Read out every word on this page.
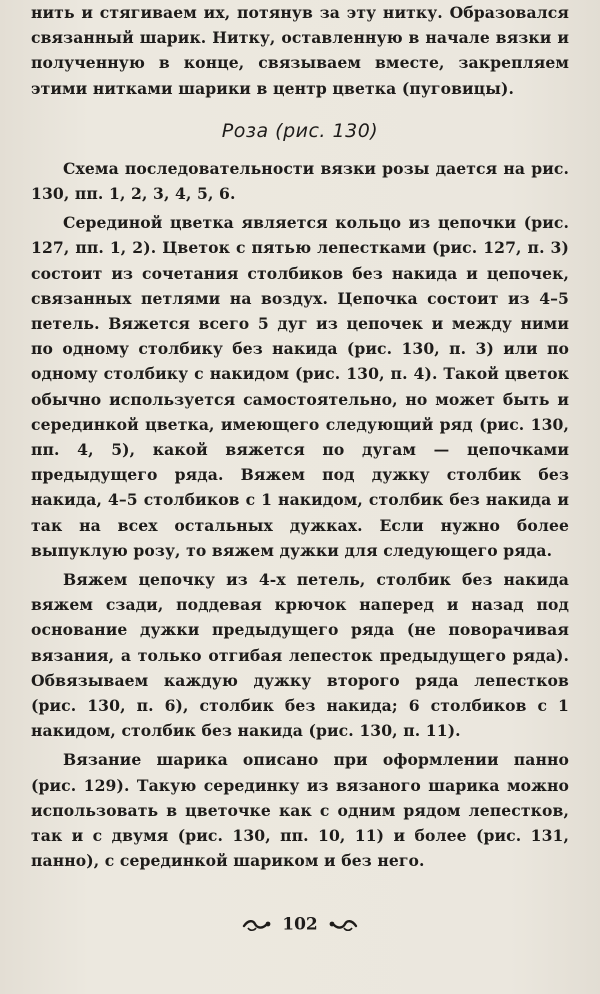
нить и стягиваем их, потянув за эту нитку. Образовался связанный шарик. Нитку, оставленную в начале вязки и полученную в конце, связываем вместе, закрепляем этими нитками шарики в центр цветка (пуговицы).

Роза (рис. 130)

Схема последовательности вязки розы дается на рис. 130, пп. 1, 2, 3, 4, 5, 6.

Серединой цветка является кольцо из цепочки (рис. 127, пп. 1, 2). Цветок с пятью лепестками (рис. 127, п. 3) состоит из сочетания столбиков без накида и цепочек, связанных петлями на воздух. Цепочка состоит из 4–5 петель. Вяжется всего 5 дуг из цепочек и между ними по одному столбику без накида (рис. 130, п. 3) или по одному столбику с накидом (рис. 130, п. 4). Такой цветок обычно используется самостоятельно, но может быть и серединкой цветка, имеющего следующий ряд (рис. 130, пп. 4, 5), какой вяжется по дугам — цепочками предыдущего ряда. Вяжем под дужку столбик без накида, 4–5 столбиков с 1 накидом, столбик без накида и так на всех остальных дужках. Если нужно более выпуклую розу, то вяжем дужки для следующего ряда.

Вяжем цепочку из 4-х петель, столбик без накида вяжем сзади, поддевая крючок наперед и назад под основание дужки предыдущего ряда (не поворачивая вязания, а только отгибая лепесток предыдущего ряда). Обвязываем каждую дужку второго ряда лепестков (рис. 130, п. 6), столбик без накида; 6 столбиков с 1 накидом, столбик без накида (рис. 130, п. 11).

Вязание шарика описано при оформлении панно (рис. 129). Такую серединку из вязаного шарика можно использовать в цветочке как с одним рядом лепестков, так и с двумя (рис. 130, пп. 10, 11) и более (рис. 131, панно), с серединкой шариком и без него.

102
